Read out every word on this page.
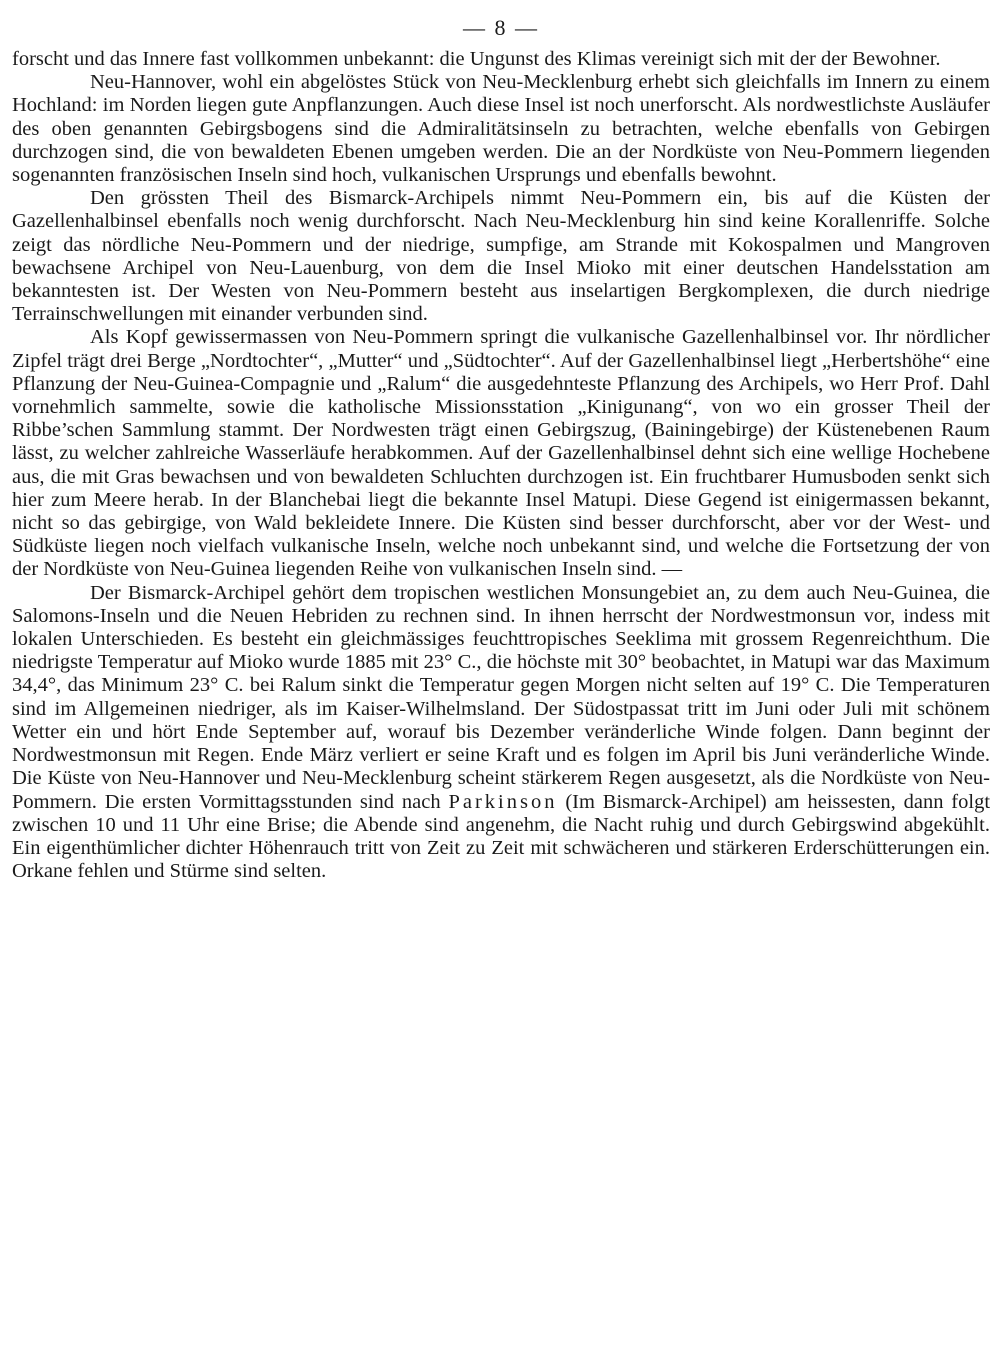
— 8 —

forscht und das Innere fast vollkommen unbekannt: die Ungunst des Klimas vereinigt sich mit der der Bewohner.

Neu-Hannover, wohl ein abgelöstes Stück von Neu-Mecklenburg erhebt sich gleichfalls im Innern zu einem Hochland: im Norden liegen gute Anpflanzungen. Auch diese Insel ist noch unerforscht. Als nordwestlichste Ausläufer des oben genannten Gebirgsbogens sind die Admiralitätsinseln zu betrachten, welche ebenfalls von Gebirgen durchzogen sind, die von bewaldeten Ebenen umgeben werden. Die an der Nordküste von Neu-Pommern liegenden sogenannten französischen Inseln sind hoch, vulkanischen Ursprungs und ebenfalls bewohnt.

Den grössten Theil des Bismarck-Archipels nimmt Neu-Pommern ein, bis auf die Küsten der Gazellenhalbinsel ebenfalls noch wenig durchforscht. Nach Neu-Mecklenburg hin sind keine Korallenriffe. Solche zeigt das nördliche Neu-Pommern und der niedrige, sumpfige, am Strande mit Kokospalmen und Mangroven bewachsene Archipel von Neu-Lauenburg, von dem die Insel Mioko mit einer deutschen Handelsstation am bekanntesten ist. Der Westen von Neu-Pommern besteht aus inselartigen Bergkomplexen, die durch niedrige Terrainschwellungen mit einander verbunden sind.

Als Kopf gewissermassen von Neu-Pommern springt die vulkanische Gazellenhalbinsel vor. Ihr nördlicher Zipfel trägt drei Berge „Nordtochter“, „Mutter“ und „Südtochter“. Auf der Gazellenhalbinsel liegt „Herbertshöhe“ eine Pflanzung der Neu-Guinea-Compagnie und „Ralum“ die ausgedehnteste Pflanzung des Archipels, wo Herr Prof. Dahl vornehmlich sammelte, sowie die katholische Missionsstation „Kinigunang“, von wo ein grosser Theil der Ribbe’schen Sammlung stammt. Der Nordwesten trägt einen Gebirgszug, (Bainingebirge) der Küstenebenen Raum lässt, zu welcher zahlreiche Wasserläufe herabkommen. Auf der Gazellenhalbinsel dehnt sich eine wellige Hochebene aus, die mit Gras bewachsen und von bewaldeten Schluchten durchzogen ist. Ein fruchtbarer Humusboden senkt sich hier zum Meere herab. In der Blanchebai liegt die bekannte Insel Matupi. Diese Gegend ist einigermassen bekannt, nicht so das gebirgige, von Wald bekleidete Innere. Die Küsten sind besser durchforscht, aber vor der West- und Südküste liegen noch vielfach vulkanische Inseln, welche noch unbekannt sind, und welche die Fortsetzung der von der Nordküste von Neu-Guinea liegenden Reihe von vulkanischen Inseln sind. —

Der Bismarck-Archipel gehört dem tropischen westlichen Monsungebiet an, zu dem auch Neu-Guinea, die Salomons-Inseln und die Neuen Hebriden zu rechnen sind. In ihnen herrscht der Nordwestmonsun vor, indess mit lokalen Unterschieden. Es besteht ein gleichmässiges feuchttropisches Seeklima mit grossem Regenreichthum. Die niedrigste Temperatur auf Mioko wurde 1885 mit 23° C., die höchste mit 30° beobachtet, in Matupi war das Maximum 34,4°, das Minimum 23° C. bei Ralum sinkt die Temperatur gegen Morgen nicht selten auf 19° C. Die Temperaturen sind im Allgemeinen niedriger, als im Kaiser-Wilhelmsland. Der Südostpassat tritt im Juni oder Juli mit schönem Wetter ein und hört Ende September auf, worauf bis Dezember veränderliche Winde folgen. Dann beginnt der Nordwestmonsun mit Regen. Ende März verliert er seine Kraft und es folgen im April bis Juni veränderliche Winde. Die Küste von Neu-Hannover und Neu-Mecklenburg scheint stärkerem Regen ausgesetzt, als die Nordküste von Neu-Pommern. Die ersten Vormittagsstunden sind nach Parkinson (Im Bismarck-Archipel) am heissesten, dann folgt zwischen 10 und 11 Uhr eine Brise; die Abende sind angenehm, die Nacht ruhig und durch Gebirgswind abgekühlt. Ein eigenthümlicher dichter Höhenrauch tritt von Zeit zu Zeit mit schwächeren und stärkeren Erderschütterungen ein. Orkane fehlen und Stürme sind selten.
